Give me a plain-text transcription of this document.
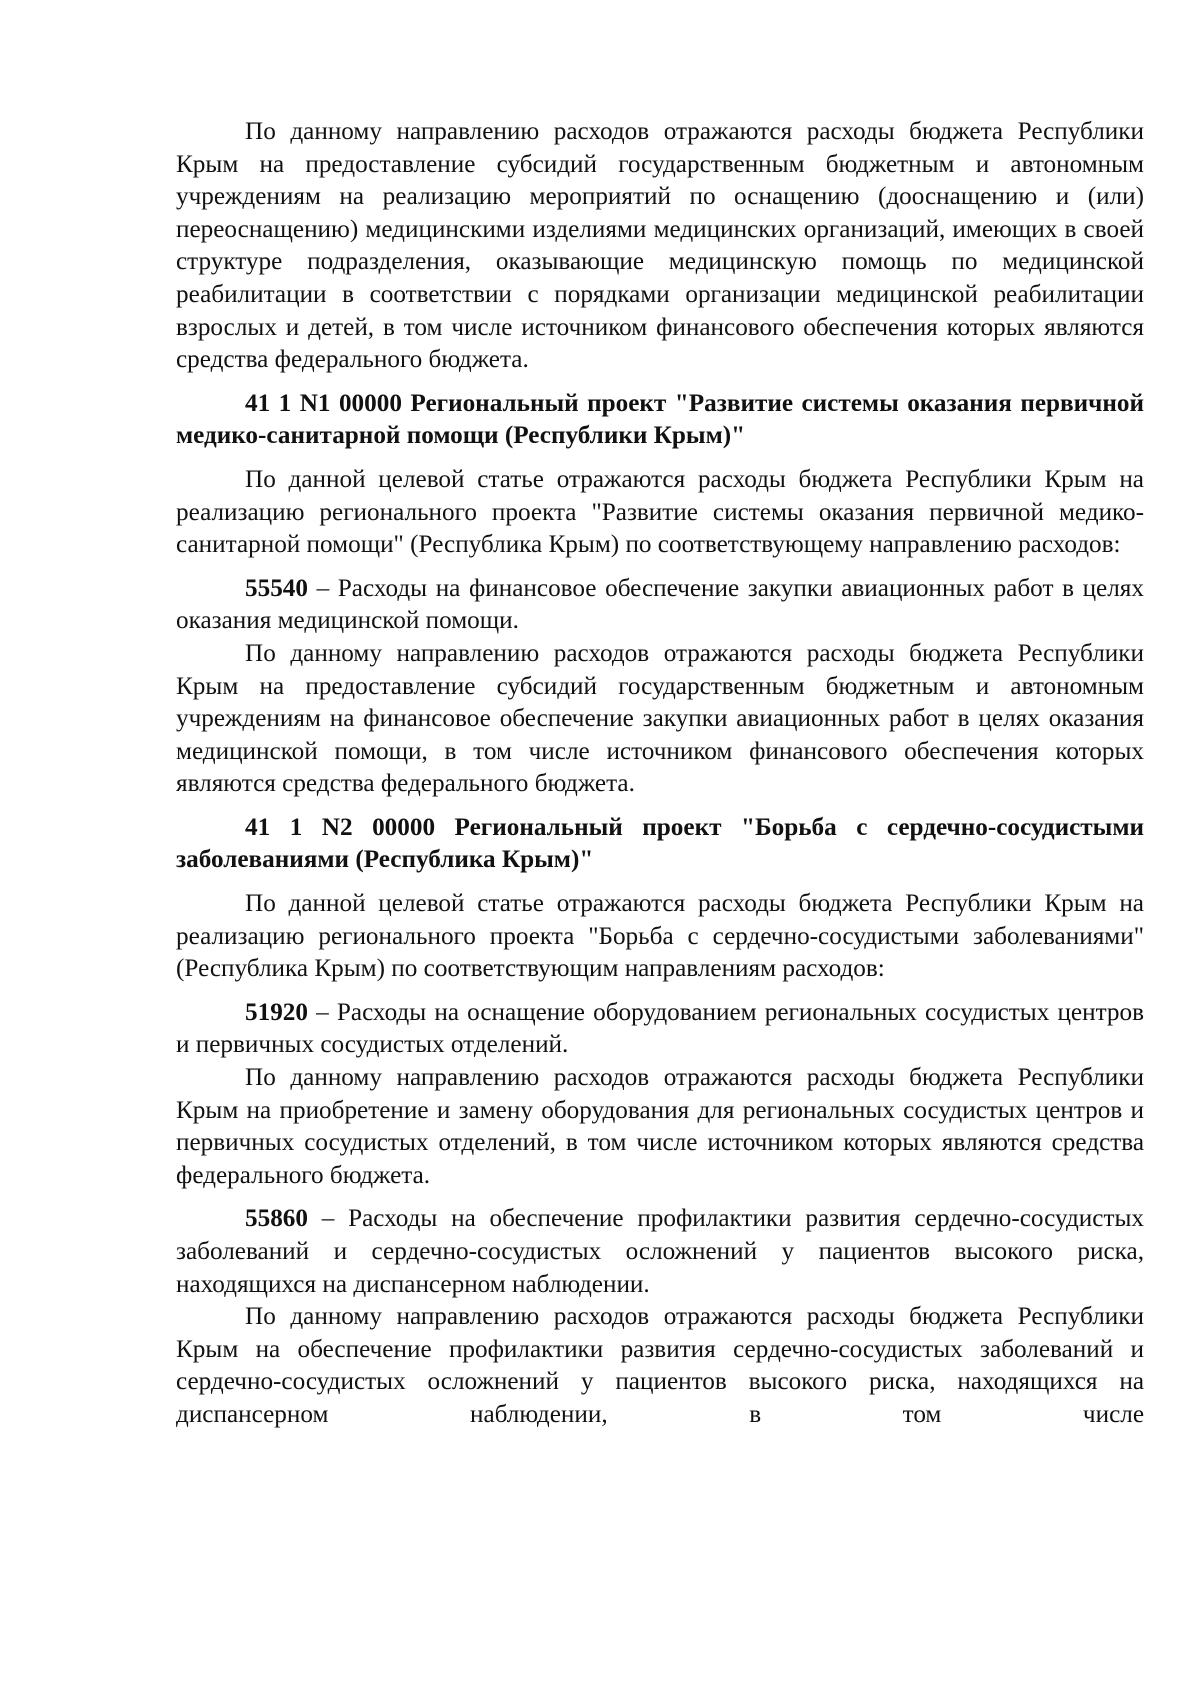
По данному направлению расходов отражаются расходы бюджета Республики Крым на предоставление субсидий государственным бюджетным и автономным учреждениям на реализацию мероприятий по оснащению (дооснащению и (или) переоснащению) медицинскими изделиями медицинских организаций, имеющих в своей структуре подразделения, оказывающие медицинскую помощь по медицинской реабилитации в соответствии с порядками организации медицинской реабилитации взрослых и детей, в том числе источником финансового обеспечения которых являются средства федерального бюджета.

41 1 N1 00000 Региональный проект "Развитие системы оказания первичной медико-санитарной помощи (Республики Крым)"

По данной целевой статье отражаются расходы бюджета Республики Крым на реализацию регионального проекта "Развитие системы оказания первичной медико-санитарной помощи" (Республика Крым) по соответствующему направлению расходов:

55540 – Расходы на финансовое обеспечение закупки авиационных работ в целях оказания медицинской помощи.

По данному направлению расходов отражаются расходы бюджета Республики Крым на предоставление субсидий государственным бюджетным и автономным учреждениям на финансовое обеспечение закупки авиационных работ в целях оказания медицинской помощи, в том числе источником финансового обеспечения которых являются средства федерального бюджета.

41 1 N2 00000 Региональный проект "Борьба с сердечно-сосудистыми заболеваниями (Республика Крым)"

По данной целевой статье отражаются расходы бюджета Республики Крым на реализацию регионального проекта "Борьба с сердечно-сосудистыми заболеваниями" (Республика Крым) по соответствующим направлениям расходов:

51920 – Расходы на оснащение оборудованием региональных сосудистых центров и первичных сосудистых отделений.

По данному направлению расходов отражаются расходы бюджета Республики Крым на приобретение и замену оборудования для региональных сосудистых центров и первичных сосудистых отделений, в том числе источником которых являются средства федерального бюджета.

55860 – Расходы на обеспечение профилактики развития сердечно-сосудистых заболеваний и сердечно-сосудистых осложнений у пациентов высокого риска, находящихся на диспансерном наблюдении.

По данному направлению расходов отражаются расходы бюджета Республики Крым на обеспечение профилактики развития сердечно-сосудистых заболеваний и сердечно-сосудистых осложнений у пациентов высокого риска, находящихся на диспансерном наблюдении, в том числе
